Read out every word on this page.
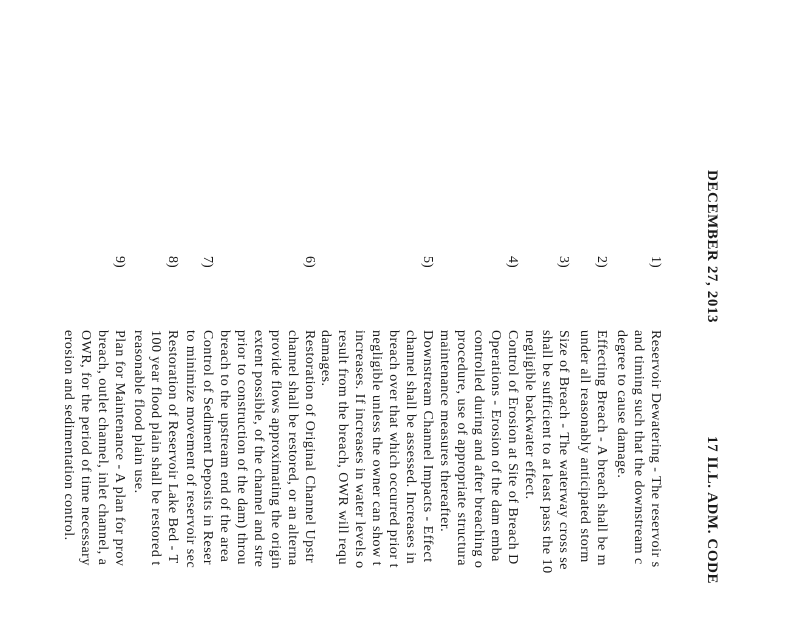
DECEMBER 27, 2013
17 ILL. ADM. CODE
1)
Reservoir Dewatering - The reservoir s
and timing such that the downstream c
degree to cause damage.
2)
Effecting Breach - A breach shall be m
under all reasonably anticipated storm
3)
Size of Breach - The waterway cross se
shall be sufficient to at least pass the 10
negligible backwater effect.
4)
Control of Erosion at Site of Breach D
Operations - Erosion of the dam emba
controlled during and after breaching o
procedure, use of appropriate structura
maintenance measures thereafter.
5)
Downstream Channel Impacts - Effect
channel shall be assessed. Increases in
breach over that which occurred prior t
negligible unless the owner can show t
increases. If increases in water levels o
result from the breach, OWR will requ
damages.
6)
Restoration of Original Channel Upstr
channel shall be restored, or an alterna
provide flows approximating the origin
extent possible, of the channel and stre
prior to construction of the dam) throu
breach to the upstream end of the area
Control of Sediment Deposits in Reser
to minimize movement of reservoir sec
7)
8)
Restoration of Reservoir Lake Bed - T
100 year flood plain shall be restored t
reasonable flood plain use.
9)
Plan for Maintenance - A plan for prov
breach, outlet channel, inlet channel, a
OWR, for the period of time necessary
erosion and sedimentation control.
